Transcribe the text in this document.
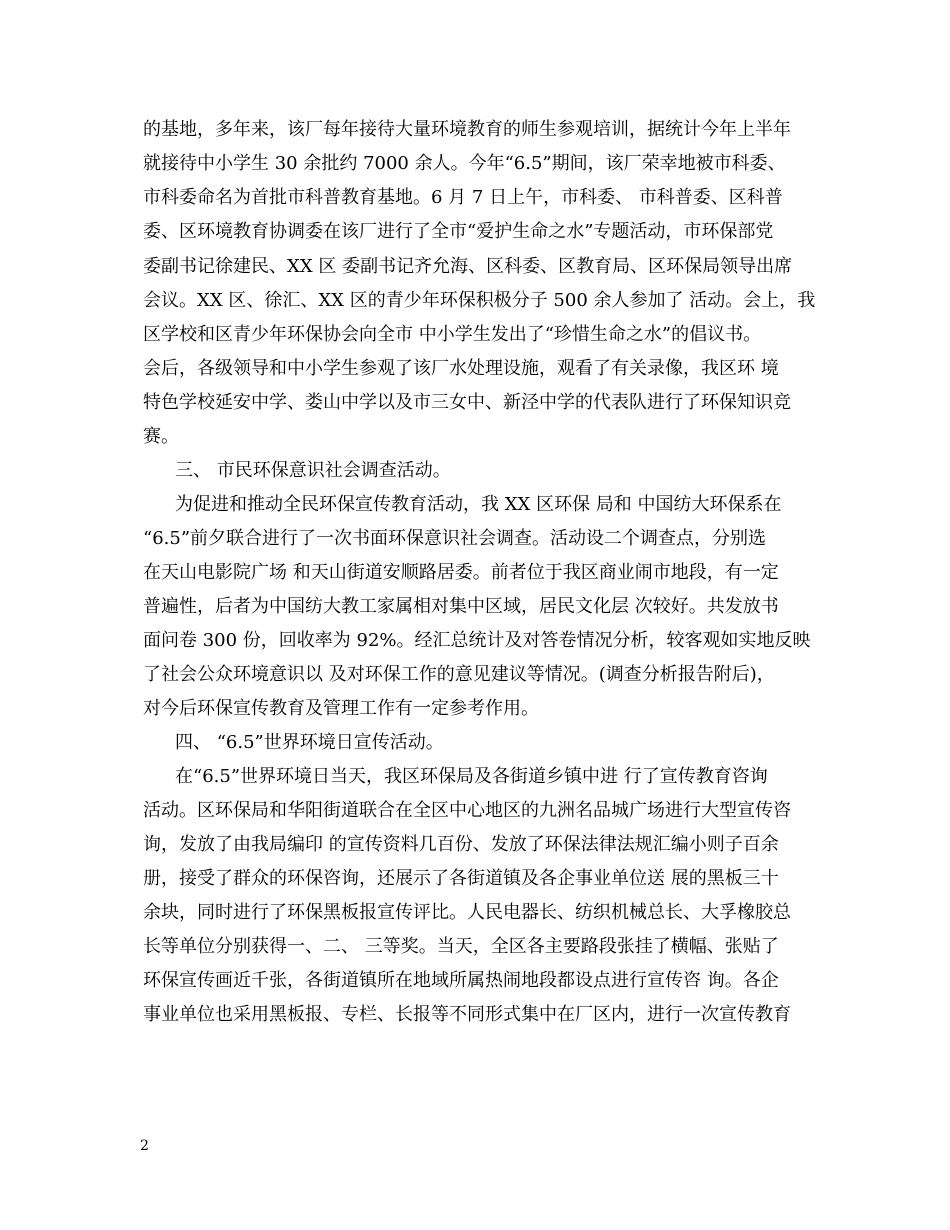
的基地，多年来，该厂每年接待大量环境教育的师生参观培训，据统计今年上半年

就接待中小学生 30 余批约 7000 余人。今年“6.5”期间，该厂荣幸地被市科委、

市科委命名为首批市科普教育基地。6 月 7 日上午，市科委、 市科普委、区科普

委、区环境教育协调委在该厂进行了全市“爱护生命之水”专题活动，市环保部党

委副书记徐建民、XX 区 委副书记齐允海、区科委、区教育局、区环保局领导出席

会议。XX 区、徐汇、XX 区的青少年环保积极分子 500 余人参加了 活动。会上，我

区学校和区青少年环保协会向全市 中小学生发出了“珍惜生命之水”的倡议书。

会后，各级领导和中小学生参观了该厂水处理设施，观看了有关录像，我区环 境

特色学校延安中学、娄山中学以及市三女中、新泾中学的代表队进行了环保知识竞

赛。

三、 市民环保意识社会调查活动。

为促进和推动全民环保宣传教育活动，我 XX 区环保 局和 中国纺大环保系在

“6.5”前夕联合进行了一次书面环保意识社会调查。活动设二个调查点，分别选

在天山电影院广场 和天山街道安顺路居委。前者位于我区商业闹市地段，有一定

普遍性，后者为中国纺大教工家属相对集中区域，居民文化层 次较好。共发放书

面问卷 300 份，回收率为 92%。经汇总统计及对答卷情况分析，较客观如实地反映

了社会公众环境意识以 及对环保工作的意见建议等情况。(调查分析报告附后)，

对今后环保宣传教育及管理工作有一定参考作用。

四、 “6.5”世界环境日宣传活动。

在“6.5”世界环境日当天，我区环保局及各街道乡镇中进 行了宣传教育咨询

活动。区环保局和华阳街道联合在全区中心地区的九洲名品城广场进行大型宣传咨

询，发放了由我局编印 的宣传资料几百份、发放了环保法律法规汇编小则子百余

册，接受了群众的环保咨询，还展示了各街道镇及各企事业单位送 展的黑板三十

余块，同时进行了环保黑板报宣传评比。人民电器长、纺织机械总长、大孚橡胶总

长等单位分别获得一、二、 三等奖。当天，全区各主要路段张挂了横幅、张贴了

环保宣传画近千张，各街道镇所在地域所属热闹地段都设点进行宣传咨 询。各企

事业单位也采用黑板报、专栏、长报等不同形式集中在厂区内，进行一次宣传教育

2
